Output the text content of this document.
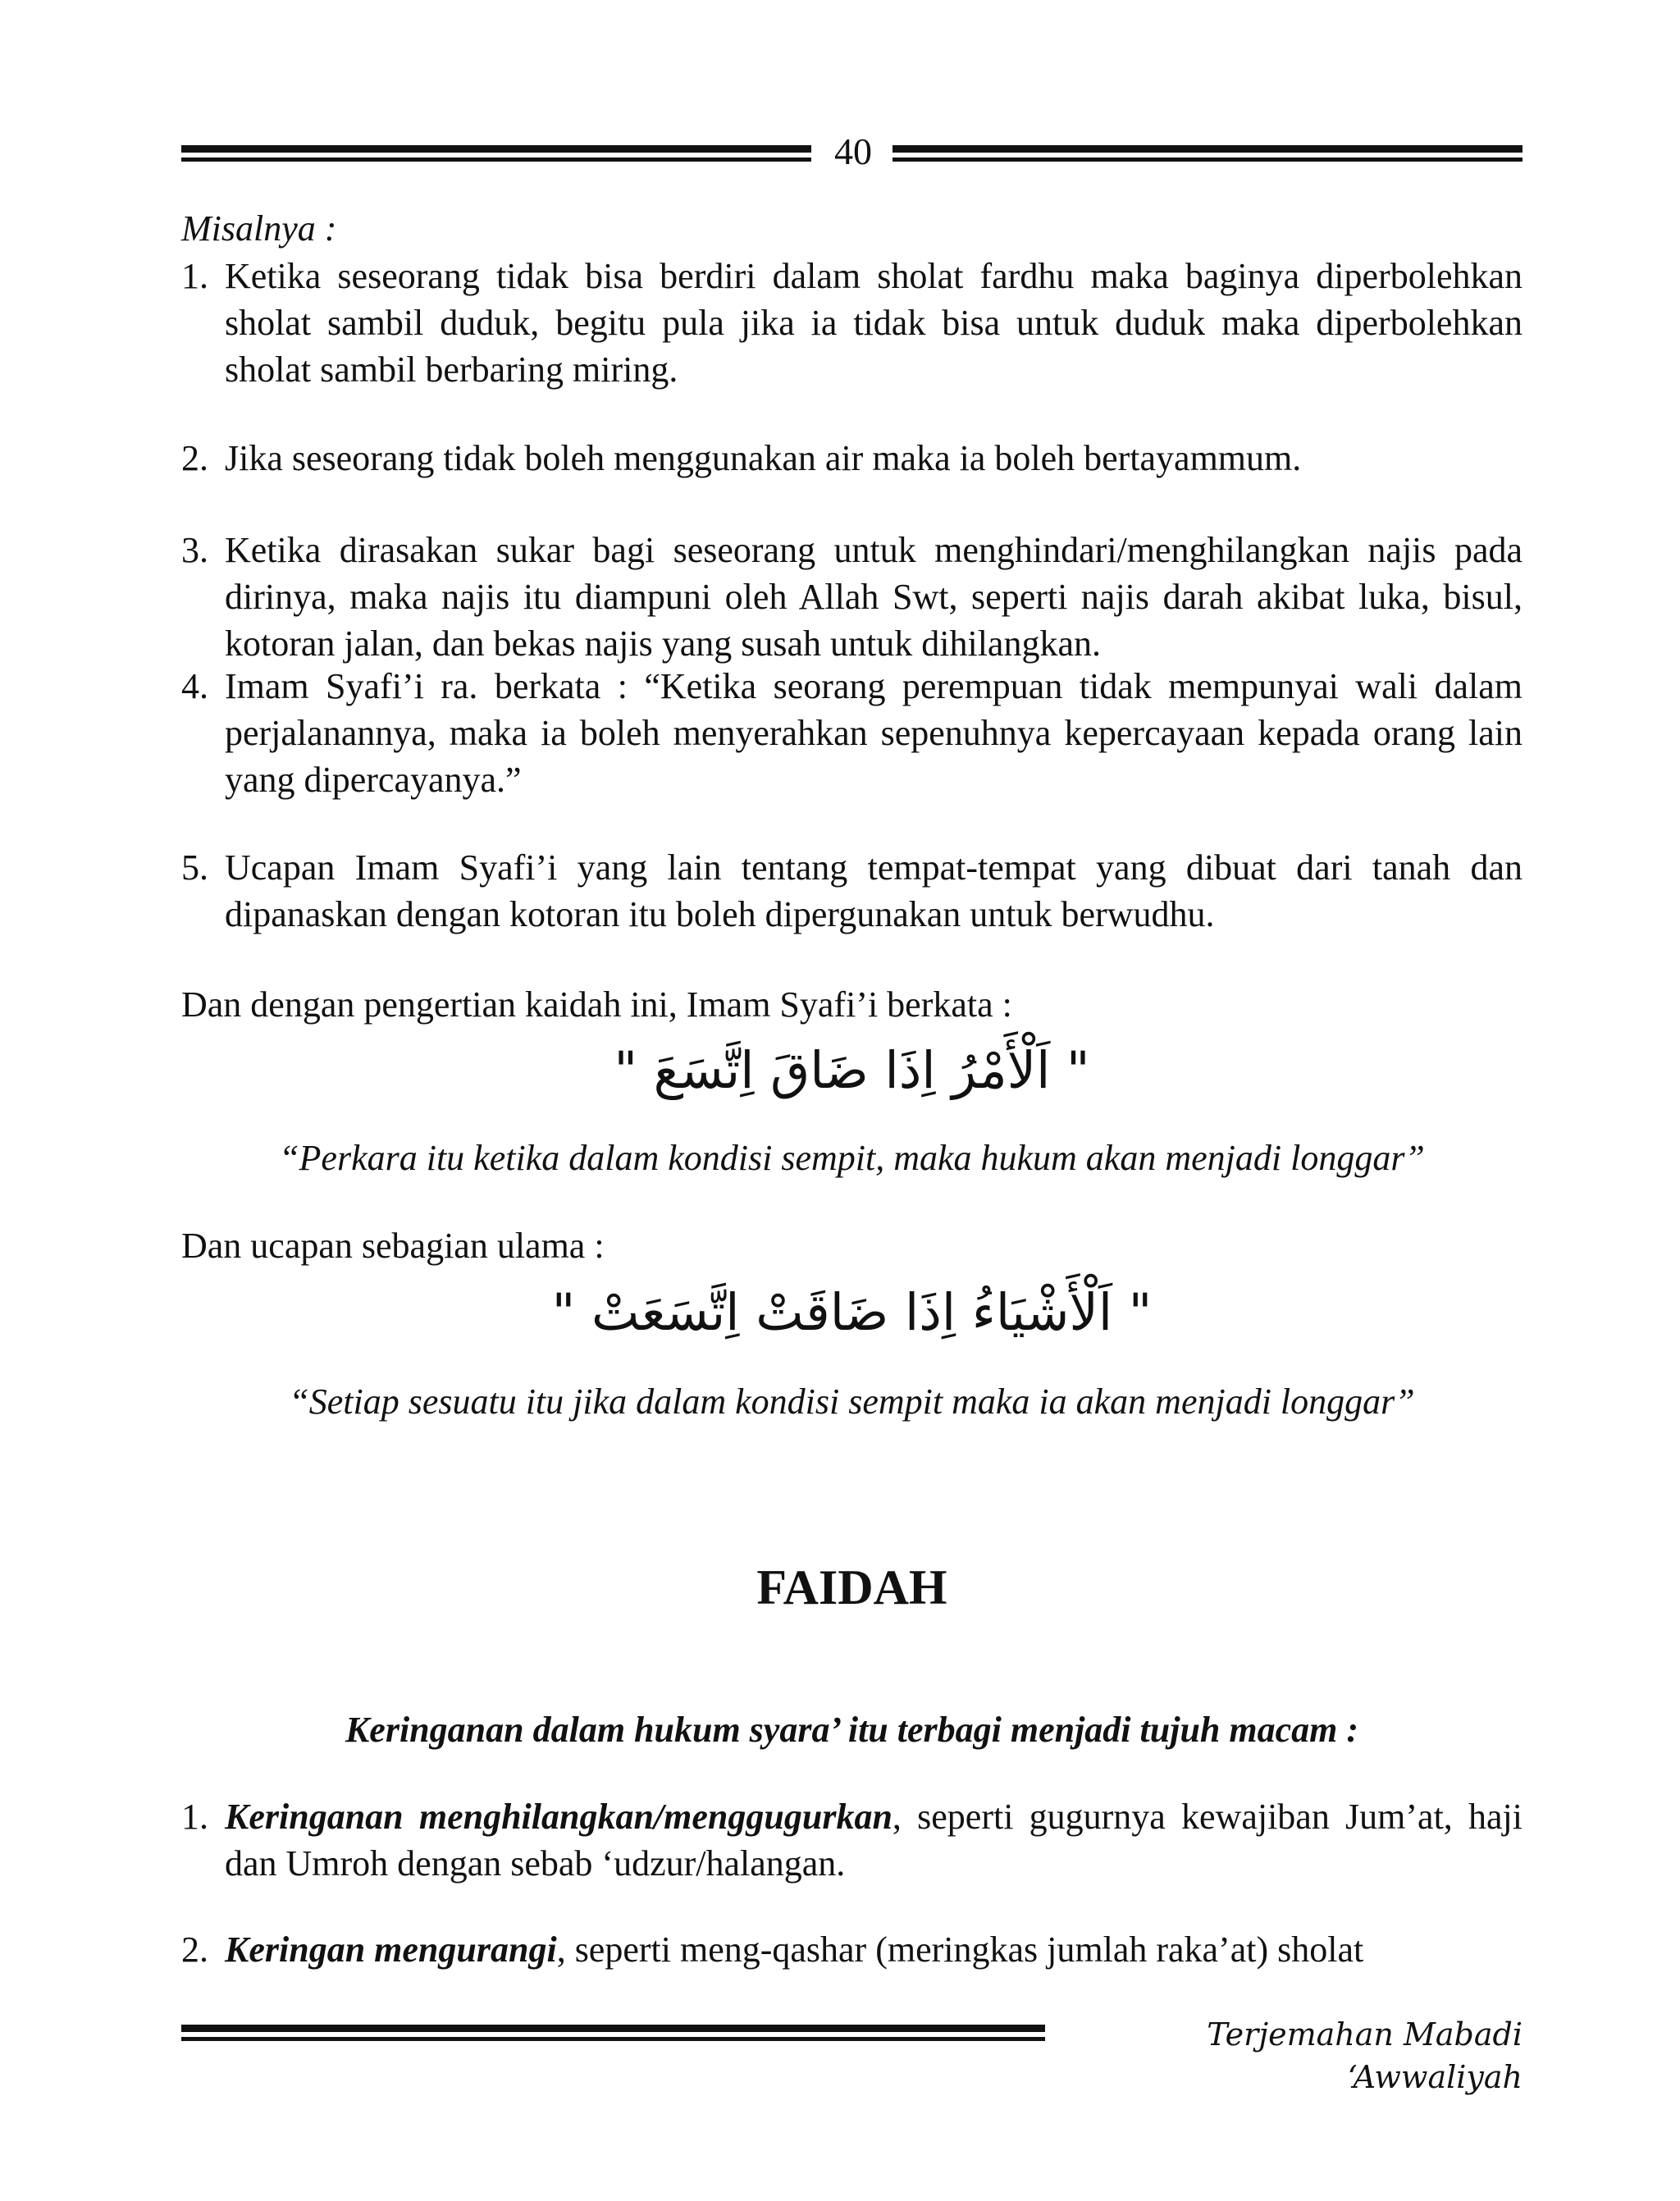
40
Misalnya :
1. Ketika seseorang tidak bisa berdiri dalam sholat fardhu maka baginya diperbolehkan sholat sambil duduk, begitu pula jika ia tidak bisa untuk duduk maka diperbolehkan sholat sambil berbaring miring.
2. Jika seseorang tidak boleh menggunakan air maka ia boleh bertayammum.
3. Ketika dirasakan sukar bagi seseorang untuk menghindari/menghilangkan najis pada dirinya, maka najis itu diampuni oleh Allah Swt, seperti najis darah akibat luka, bisul, kotoran jalan, dan bekas najis yang susah untuk dihilangkan.
4. Imam Syafi’i ra. berkata : “Ketika seorang perempuan tidak mempunyai wali dalam perjalanannya, maka ia boleh menyerahkan sepenuhnya kepercayaan kepada orang lain yang dipercayanya.”
5. Ucapan Imam Syafi’i yang lain tentang tempat-tempat yang dibuat dari tanah dan dipanaskan dengan kotoran itu boleh dipergunakan untuk berwudhu.
Dan dengan pengertian kaidah ini, Imam Syafi’i berkata :
" اَلْأَمْرُ اِذَا ضَاقَ اِتَّسَعَ "
“Perkara itu ketika dalam kondisi sempit, maka hukum akan menjadi longgar”
Dan ucapan sebagian ulama :
" اَلْأَشْيَاءُ اِذَا ضَاقَتْ اِتَّسَعَتْ "
“Setiap sesuatu itu jika dalam kondisi sempit maka ia akan menjadi longgar”
FAIDAH
Keringanan dalam hukum syara’ itu terbagi menjadi tujuh macam :
1. Keringanan menghilangkan/menggugurkan, seperti gugurnya kewajiban Jum’at, haji dan Umroh dengan sebab ‘udzur/halangan.
2. Keringan mengurangi, seperti meng-qashar (meringkas jumlah raka’at) sholat
Terjemahan Mabadi ‘Awwaliyah
